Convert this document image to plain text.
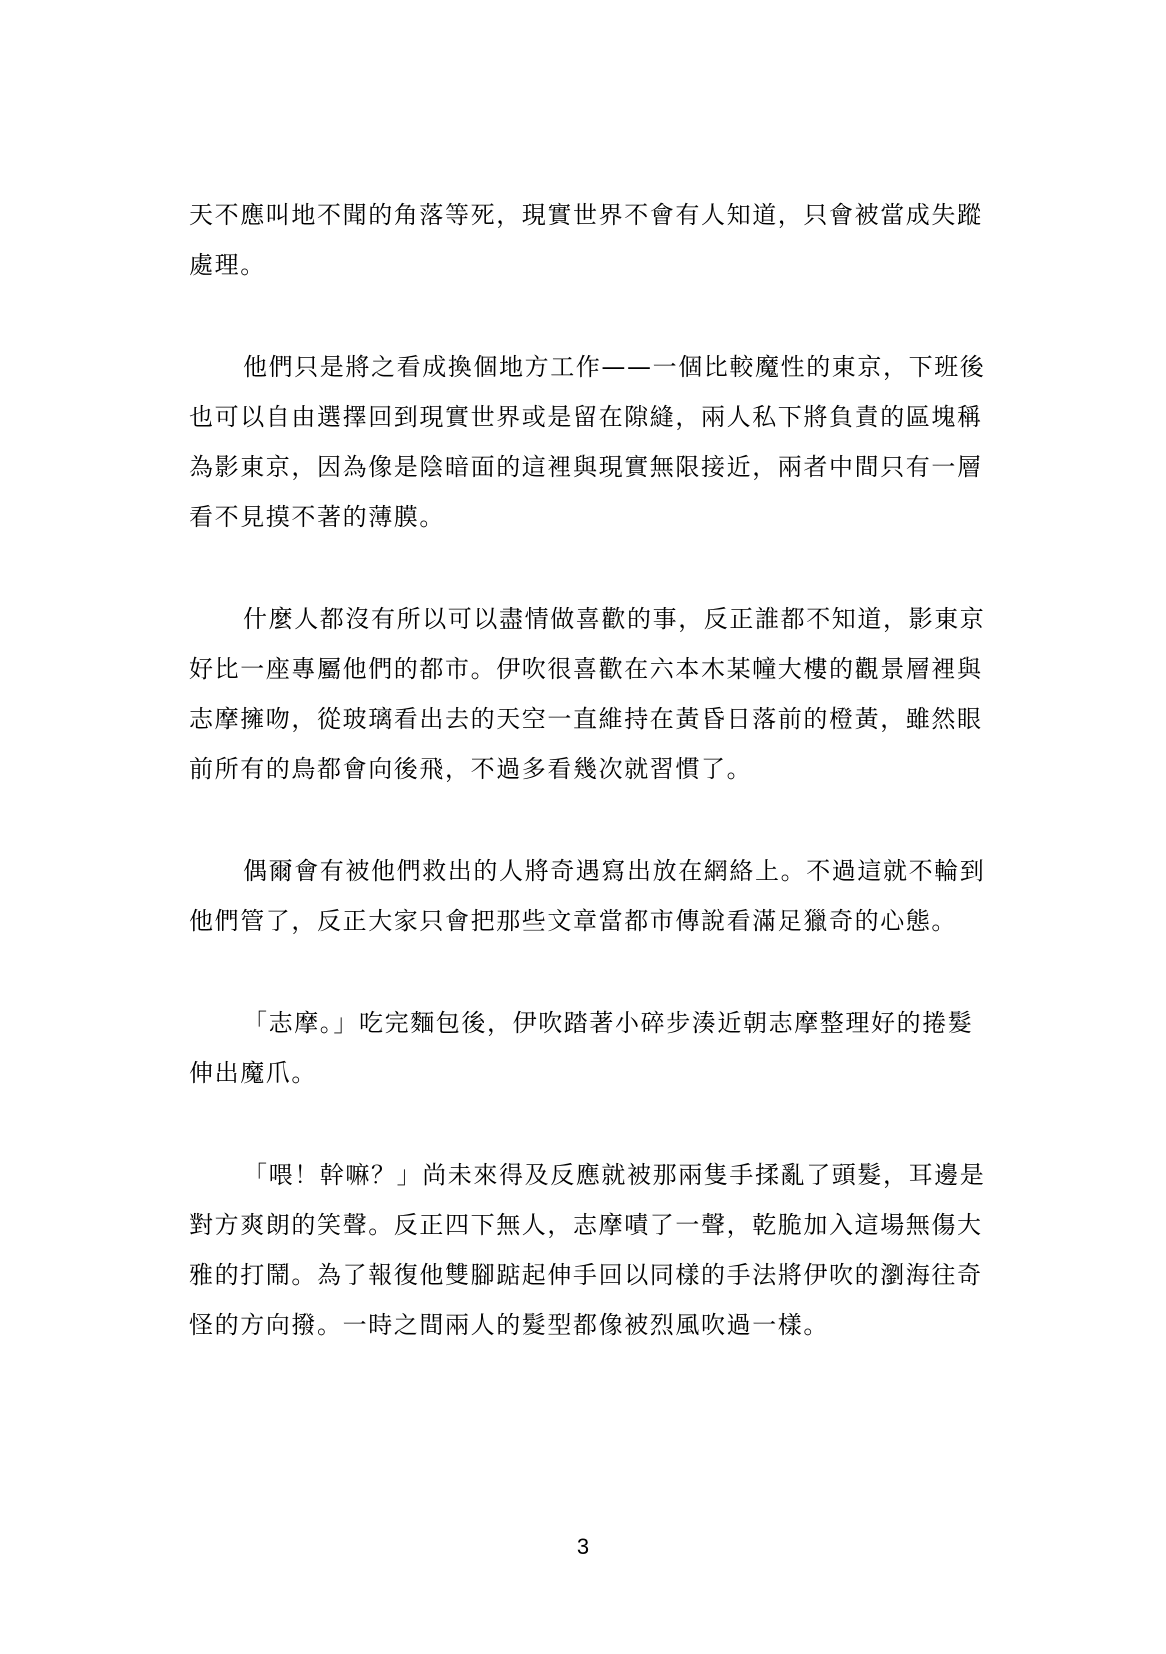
天不應叫地不聞的角落等死，現實世界不會有人知道，只會被當成失蹤處理。

他們只是將之看成換個地方工作——一個比較魔性的東京，下班後也可以自由選擇回到現實世界或是留在隙縫，兩人私下將負責的區塊稱為影東京，因為像是陰暗面的這裡與現實無限接近，兩者中間只有一層看不見摸不著的薄膜。

什麼人都沒有所以可以盡情做喜歡的事，反正誰都不知道，影東京好比一座專屬他們的都市。伊吹很喜歡在六本木某幢大樓的觀景層裡與志摩擁吻，從玻璃看出去的天空一直維持在黃昏日落前的橙黃，雖然眼前所有的鳥都會向後飛，不過多看幾次就習慣了。

偶爾會有被他們救出的人將奇遇寫出放在網絡上。不過這就不輪到他們管了，反正大家只會把那些文章當都市傳說看滿足獵奇的心態。

「志摩。」吃完麵包後，伊吹踏著小碎步湊近朝志摩整理好的捲髮伸出魔爪。

「喂！幹嘛？」尚未來得及反應就被那兩隻手揉亂了頭髮，耳邊是對方爽朗的笑聲。反正四下無人，志摩嘖了一聲，乾脆加入這場無傷大雅的打鬧。為了報復他雙腳踮起伸手回以同樣的手法將伊吹的瀏海往奇怪的方向撥。一時之間兩人的髮型都像被烈風吹過一樣。

3
